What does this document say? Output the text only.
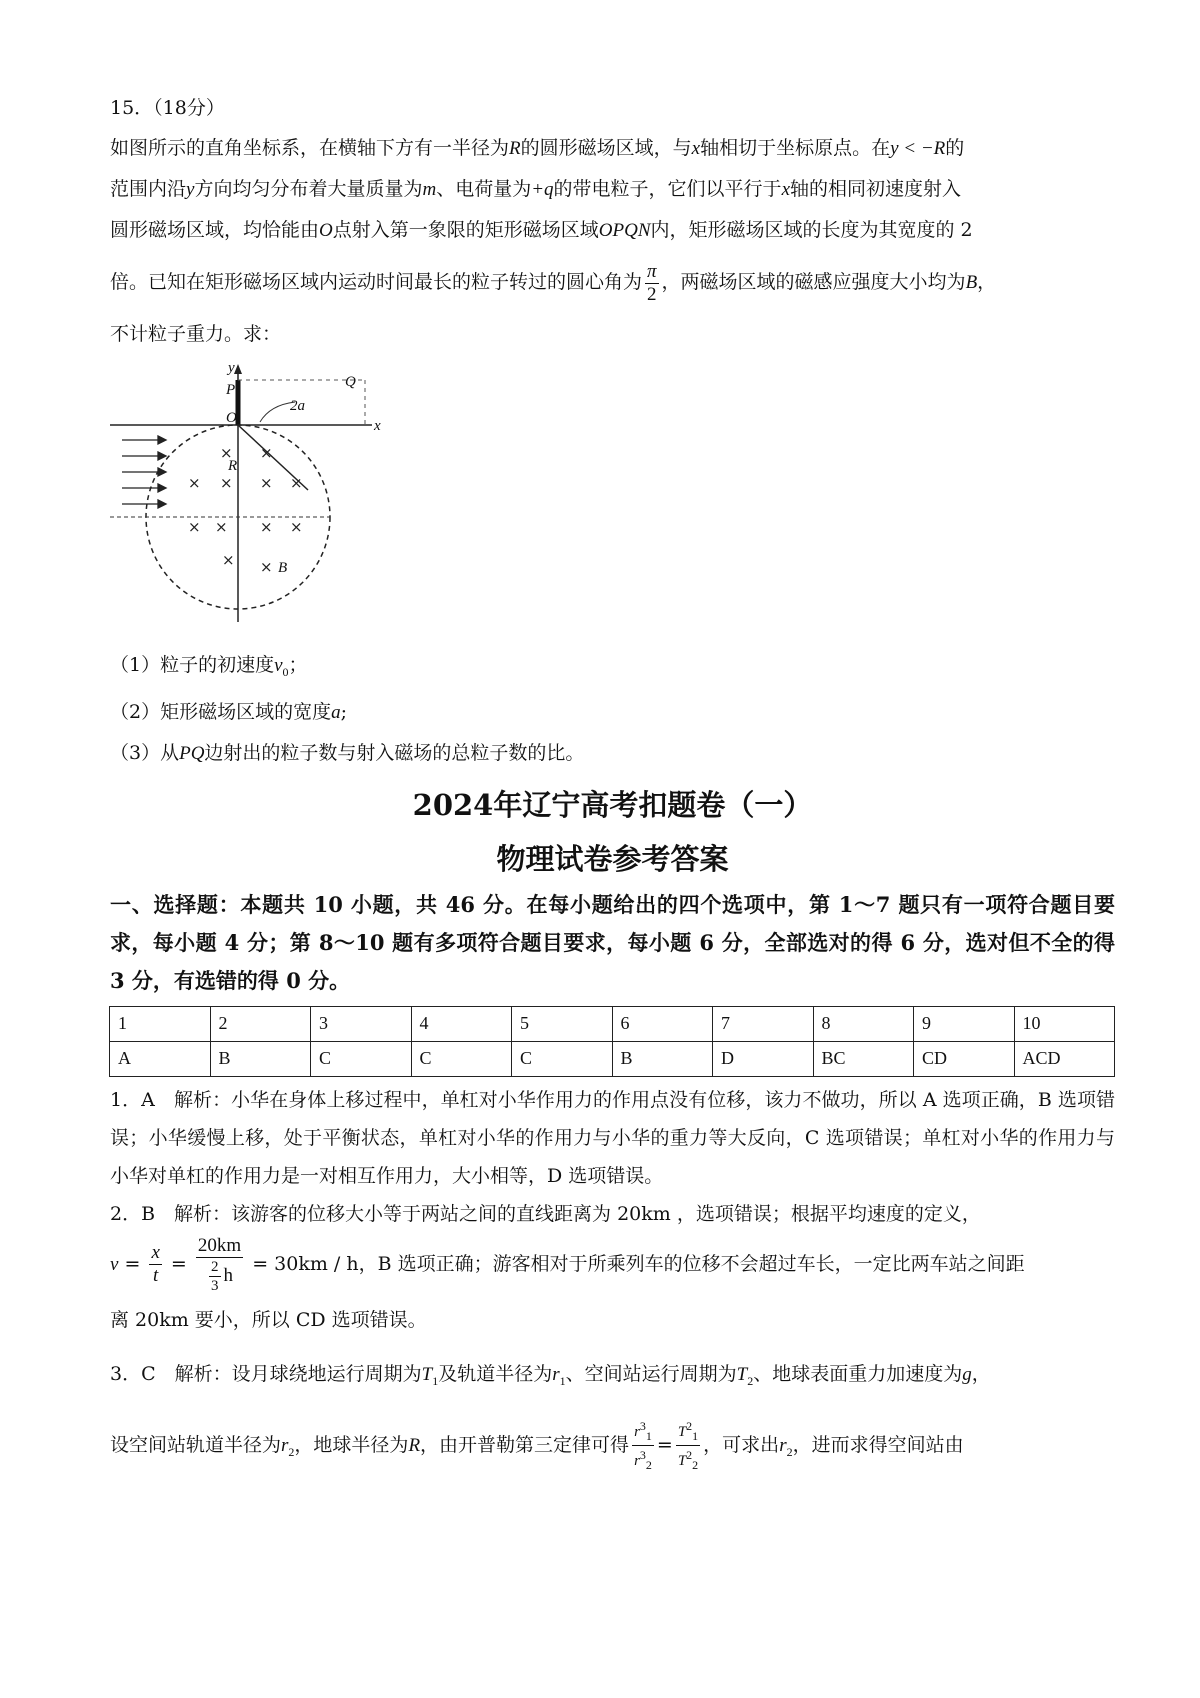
15．（18分）

如图所示的直角坐标系，在横轴下方有一半径为R的圆形磁场区域，与x轴相切于坐标原点。在y < −R的

范围内沿y方向均匀分布着大量质量为m、电荷量为+q的带电粒子，它们以平行于x轴的相同初速度射入

圆形磁场区域，均恰能由O点射入第一象限的矩形磁场区域OPQN内，矩形磁场区域的长度为其宽度的 2

倍。已知在矩形磁场区域内运动时间最长的粒子转过的圆心角为 $\frac{\pi}{2}$ ，两磁场区域的磁感应强度大小均为B，

不计粒子重力。求：

y
P	Q
O	x
2a
R
B
× ×
× × × ×
× × × ×
× ×

（1）粒子的初速度$v_0$；

（2）矩形磁场区域的宽度a;

（3）从PQ边射出的粒子数与射入磁场的总粒子数的比。

2024年辽宁高考扣题卷（一）

物理试卷参考答案

一、选择题：本题共 10 小题，共 46 分。在每小题给出的四个选项中，第 1～7 题只有一项符合题目要求，每小题 4 分；第 8～10 题有多项符合题目要求，每小题 6 分，全部选对的得 6 分，选对但不全的得 3 分，有选错的得 0 分。

1	2	3	4	5	6	7	8	9	10
A	B	C	C	C	B	D	BC	CD	ACD

1．A　解析：小华在身体上移过程中，单杠对小华作用力的作用点没有位移，该力不做功，所以 A 选项正确，B 选项错误；小华缓慢上移，处于平衡状态，单杠对小华的作用力与小华的重力等大反向，C 选项错误；单杠对小华的作用力与小华对单杠的作用力是一对相互作用力，大小相等，D 选项错误。

2．B　解析：该游客的位移大小等于两站之间的直线距离为 20km ，选项错误；根据平均速度的定义，

$v = \frac{x}{t} = \frac{20km}{\frac{2}{3} h} = 30km / h$，B 选项正确；游客相对于所乘列车的位移不会超过车长，一定比两车站之间距

离 20km 要小，所以 CD 选项错误。

3．C　解析：设月球绕地运行周期为$T_1$及轨道半径为$r_1$、空间站运行周期为$T_2$、地球表面重力加速度为g，

设空间站轨道半径为$r_2$，地球半径为R，由开普勒第三定律可得 $\frac{r^3_1}{r^3_2} = \frac{T^2_1}{T^2_2}$ ，可求出$r_2$，进而求得空间站由
